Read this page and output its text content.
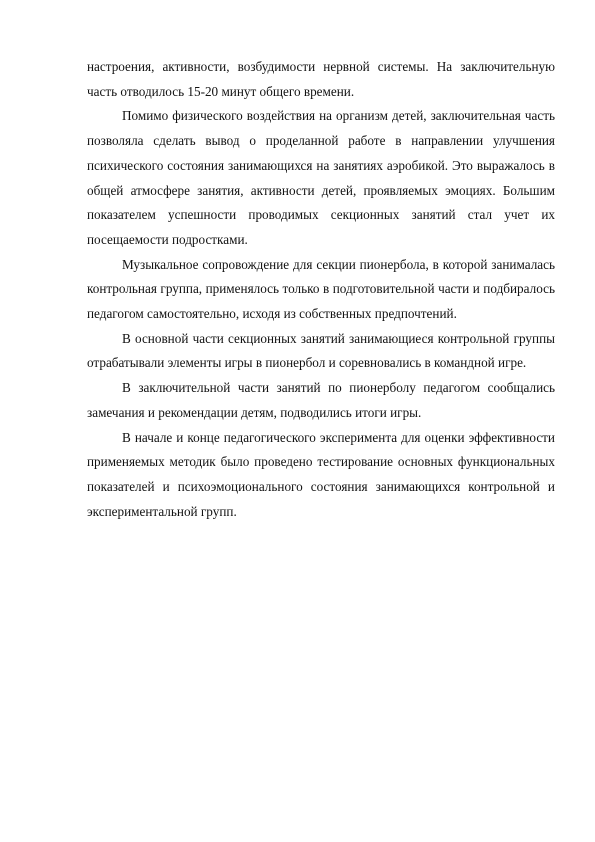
настроения, активности, возбудимости нервной системы. На заключительную часть отводилось 15-20 минут общего времени.

Помимо физического воздействия на организм детей, заключительная часть позволяла сделать вывод о проделанной работе в направлении улучшения психического состояния занимающихся на занятиях аэробикой. Это выражалось в общей атмосфере занятия, активности детей, проявляемых эмоциях. Большим показателем успешности проводимых секционных занятий стал учет их посещаемости подростками.

Музыкальное сопровождение для секции пионербола, в которой занималась контрольная группа, применялось только в подготовительной части и подбиралось педагогом самостоятельно, исходя из собственных предпочтений.

В основной части секционных занятий занимающиеся контрольной группы отрабатывали элементы игры в пионербол и соревновались в командной игре.

В заключительной части занятий по пионерболу педагогом сообщались замечания и рекомендации детям, подводились итоги игры.

В начале и конце педагогического эксперимента для оценки эффективности применяемых методик было проведено тестирование основных функциональных показателей и психоэмоционального состояния занимающихся контрольной и экспериментальной групп.
